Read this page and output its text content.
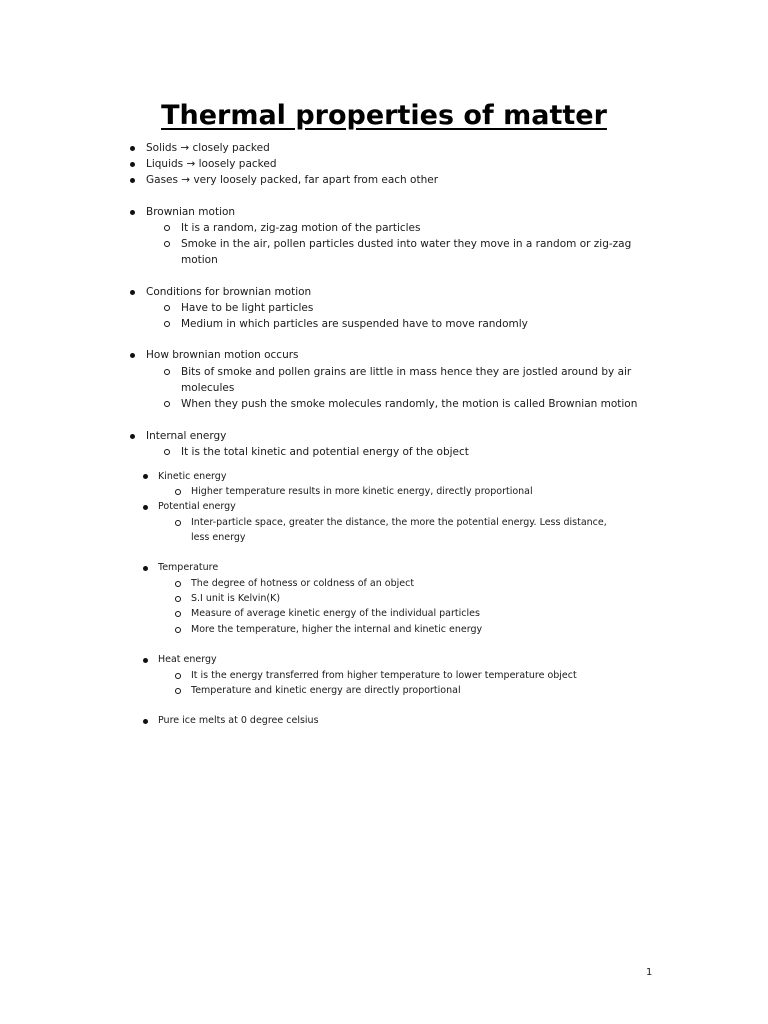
Thermal properties of matter
Solids → closely packed
Liquids → loosely packed
Gases → very loosely packed, far apart from each other
Brownian motion
It is a random, zig-zag motion of the particles
Smoke in the air, pollen particles dusted into water they move in a random or zig-zag
motion
Conditions for brownian motion
Have to be light particles
Medium in which particles are suspended have to move randomly
How brownian motion occurs
Bits of smoke and pollen grains are little in mass hence they are jostled around by air
molecules
When they push the smoke molecules randomly, the motion is called Brownian motion
Internal energy
It is the total kinetic and potential energy of the object
Kinetic energy
Higher temperature results in more kinetic energy, directly proportional
Potential energy
Inter-particle space, greater the distance, the more the potential energy. Less distance,
less energy
Temperature
The degree of hotness or coldness of an object
S.I unit is Kelvin(K)
Measure of average kinetic energy of the individual particles
More the temperature, higher the internal and kinetic energy
Heat energy
It is the energy transferred from higher temperature to lower temperature object
Temperature and kinetic energy are directly proportional
Pure ice melts at 0 degree celsius
1
